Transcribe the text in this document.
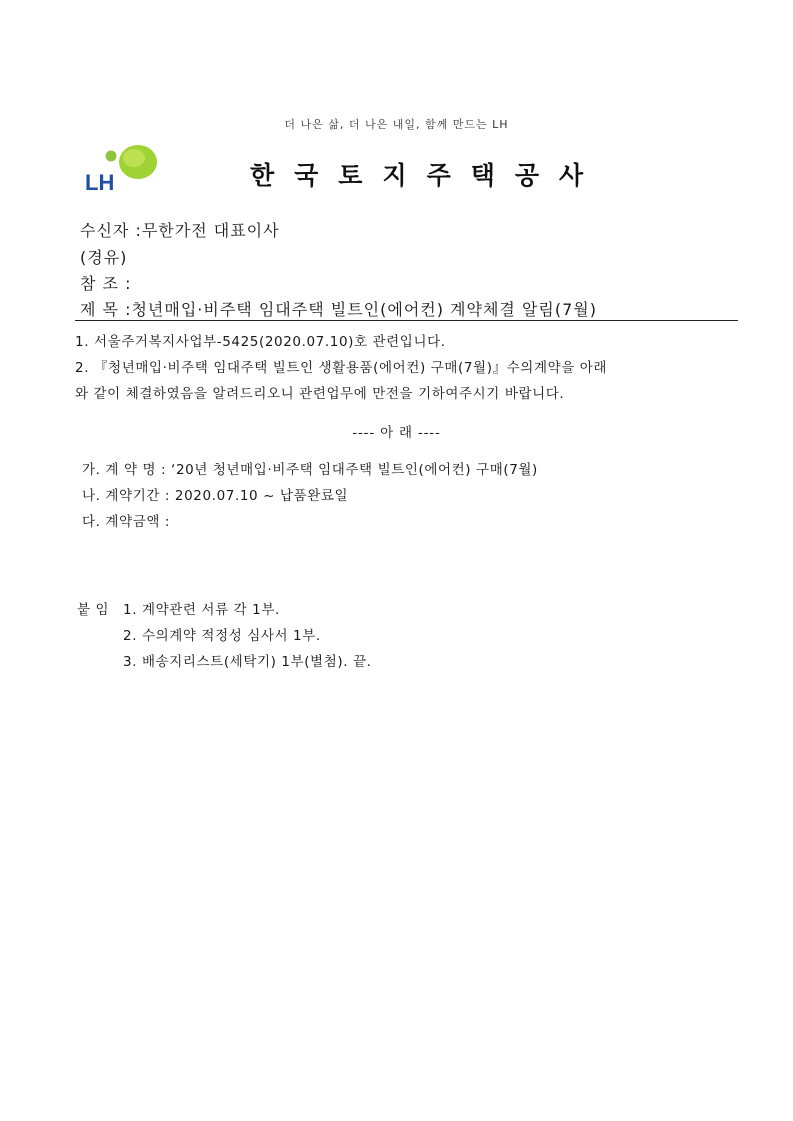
더 나은 삶, 더 나은 내일, 함께 만드는 LH
LH	한국토지주택공사
수신자 :무한가전 대표이사
(경유)
참 조 :
제 목 :청년매입·비주택 임대주택 빌트인(에어컨) 계약체결 알림(7월)
1. 서울주거복지사업부-5425(2020.07.10)호 관련입니다.
2. 『청년매입·비주택 임대주택 빌트인 생활용품(에어컨) 구매(7월)』수의계약을 아래
와 같이 체결하였음을 알려드리오니 관련업무에 만전을 기하여주시기 바랍니다.
---- 아 래 ----
가. 계 약 명 : ‘20년 청년매입·비주택 임대주택 빌트인(에어컨) 구매(7월)
나. 계약기간 : 2020.07.10 ~ 납품완료일
다. 계약금액 :
붙 임 1. 계약관련 서류 각 1부.
2. 수의계약 적정성 심사서 1부.
3. 배송지리스트(세탁기) 1부(별첨). 끝.
